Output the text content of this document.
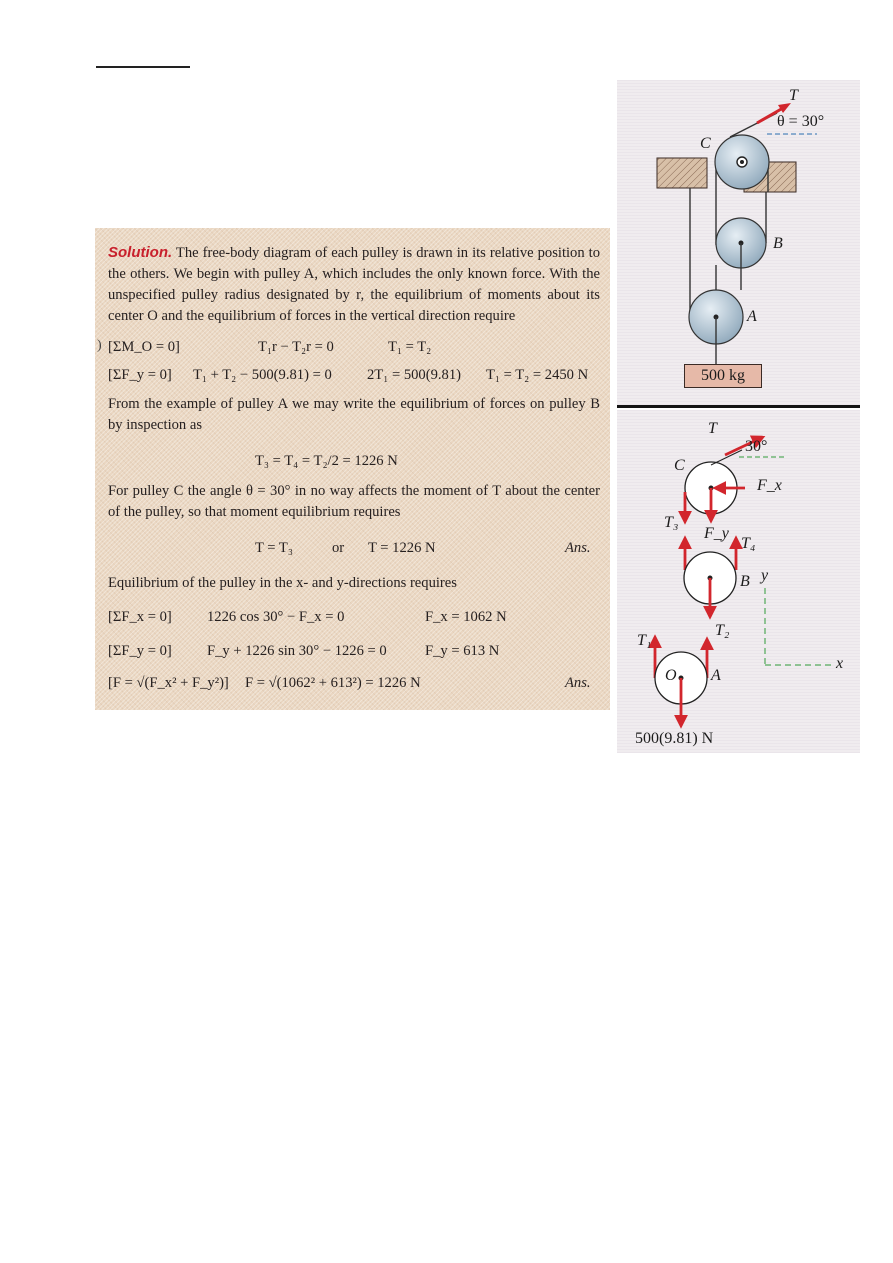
Solution. The free-body diagram of each pulley is drawn in its relative position to the others. We begin with pulley A, which includes the only known force. With the unspecified pulley radius designated by r, the equilibrium of moments about its center O and the equilibrium of forces in the vertical direction require
) [ΣM_O = 0]	T₁r − T₂r = 0	T₁ = T₂
[ΣF_y = 0] T₁ + T₂ − 500(9.81) = 0 2T₁ = 500(9.81) T₁ = T₂ = 2450 N
From the example of pulley A we may write the equilibrium of forces on pulley B by inspection as
T₃ = T₄ = T₂/2 = 1226 N
For pulley C the angle θ = 30° in no way affects the moment of T about the center of the pulley, so that moment equilibrium requires
T = T₃	or T = 1226 N	Ans.
Equilibrium of the pulley in the x- and y-directions requires
[ΣF_x = 0] 1226 cos 30° − F_x = 0	F_x = 1062 N
[ΣF_y = 0] F_y + 1226 sin 30° − 1226 = 0	F_y = 613 N
[F = √(F_x² + F_y²)] F = √(1062² + 613²) = 1226 N	Ans.
T
θ = 30°
C
B
A
500 kg
T
30°
C
F_x
F_y
T₃
T₄
B y
T₁
T₂
x
O A
500(9.81) N
